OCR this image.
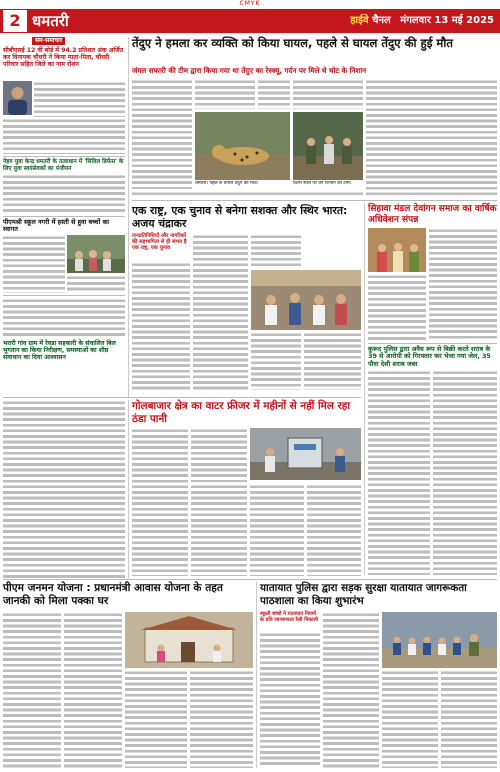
CMYK
2 धमतरी	हाईवे चैनल मंगलवार 13 मई 2025
सम-समाचार
सीबीएसई 12 वीं बोर्ड में 94.2 प्रतिशत अंक अर्जित कर विनायक चौधरी ने किया माता-पिता, चौधरी परिवार सहित जिले का नाम रोशन
नेहरु युवा केन्द्र धमतरी के तत्वाधान में 'सिविल डिफेंस' के लिए युवा स्वयंसेवकों का पंजीयन
पीएमश्री स्कूल नगरी में हस्ती से हुवा बच्चों का स्वागत
भरारी गांव ग्राम में रेवडा सहकारी के संचालित बिल भुगतान का किया निरीक्षण, समस्याओं का शीघ्र समाधान का दिया आश्वासन
तेंदुए ने हमला कर व्यक्ति को किया घायल, पहले से घायल तेंदुए की हुई मौत
जंगल सफारी की टीम द्वारा किया गया था तेंदुए का रेस्क्यू, गर्दन पर मिले थे चोट के निशान
धमतरी। पहले से घायल तेंदुए की मौत।	घटना स्थल पर वन विभाग की टीम।
एक राष्ट्र, एक चुनाव से बनेगा सशक्त और स्थिर भारत: अजय चंद्राकर
जनप्रतिनिधियों और नागरिकों की सहभागिता से ही संभव है एक राष्ट्र, एक चुनाव
सिहावा मंडल देवांगन समाज का वार्षिक अधिवेशन संपन्न
कुरूद पुलिस द्वारा अवैध रूप से बिक्री करते शराब के 39 से आरोपी को गिरफ्तार कर भेजा गया जेल, 35 पौवा देशी शराब जब्त
गोलबाजार क्षेत्र का वाटर फ्रीजर में महीनों से नहीं मिल रहा ठंडा पानी
पीएम जनमन योजना : प्रधानमंत्री आवास योजना के तहत जानकी को मिला पक्का घर
यातायात पुलिस द्वारा सड़क सुरक्षा यातायात जागरूकता पाठशाला का किया शुभारंभ
स्कूली बच्चों ने यातायात नियमों के प्रति जागरूकता रैली निकाली
